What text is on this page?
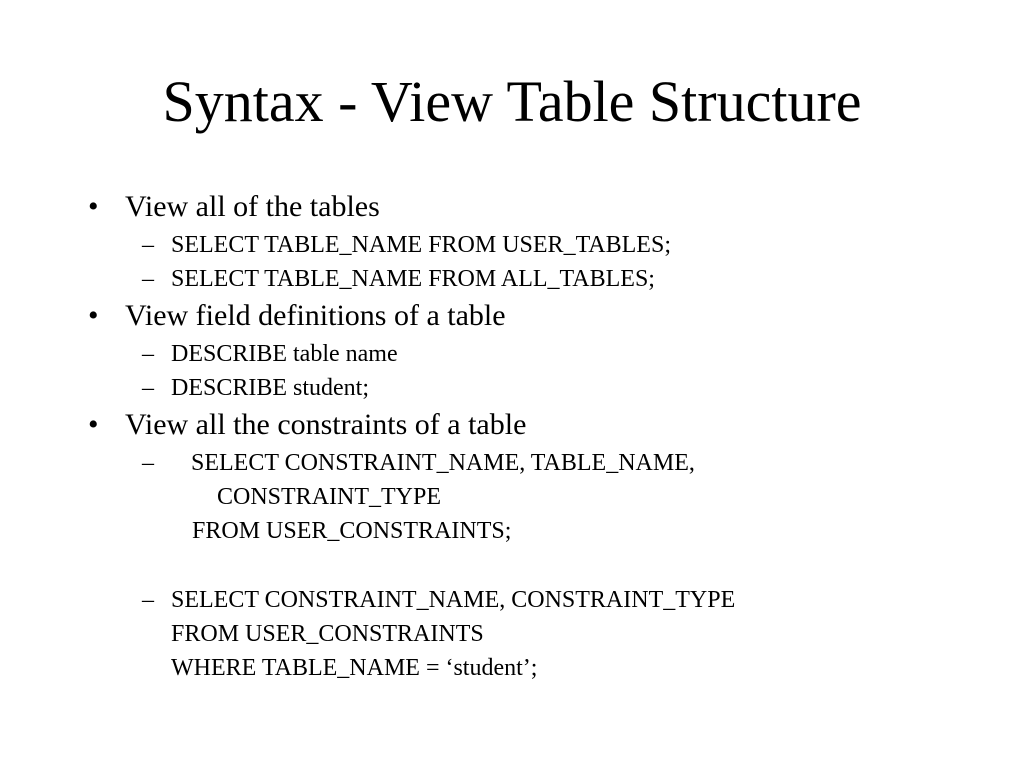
Syntax - View Table Structure
• View all of the tables
– SELECT TABLE_NAME FROM USER_TABLES;
– SELECT TABLE_NAME FROM ALL_TABLES;
• View field definitions of a table
– DESCRIBE table name
– DESCRIBE student;
• View all the constraints of a table
– SELECT CONSTRAINT_NAME, TABLE_NAME,
CONSTRAINT_TYPE
FROM USER_CONSTRAINTS;
– SELECT CONSTRAINT_NAME, CONSTRAINT_TYPE
FROM USER_CONSTRAINTS
WHERE TABLE_NAME = ‘student’;
